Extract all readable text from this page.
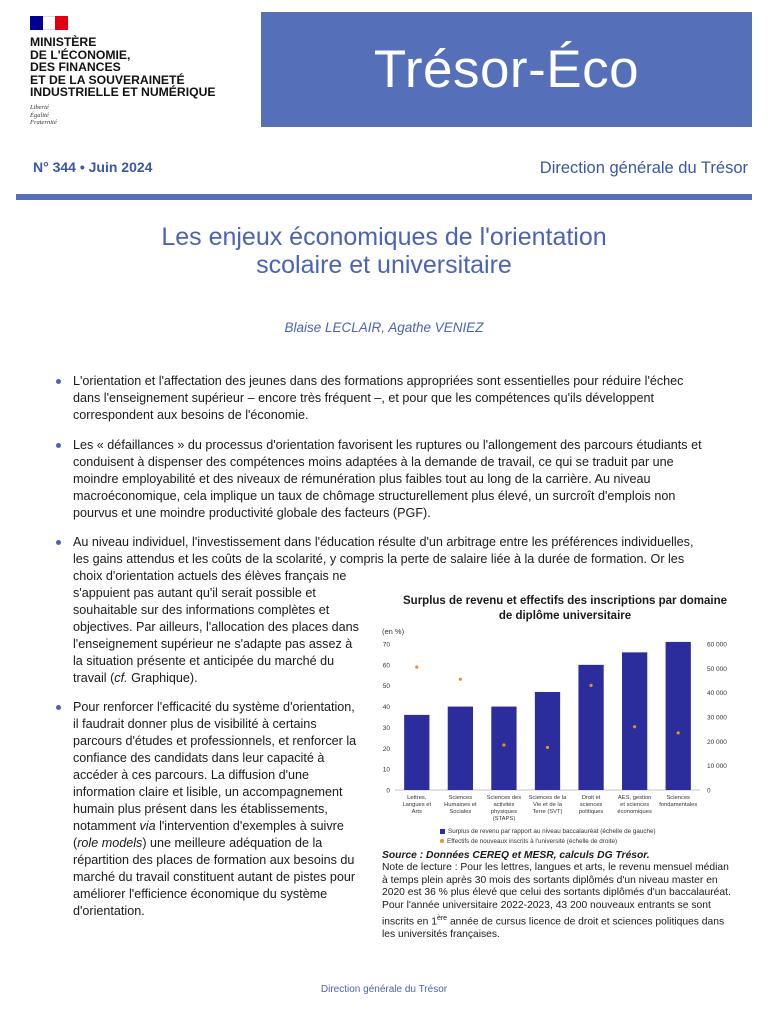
MINISTÈRE
DE L'ÉCONOMIE,
DES FINANCES
ET DE LA SOUVERAINETÉ
INDUSTRIELLE ET NUMÉRIQUE
Liberté
Égalité
Fraternité
Trésor-Éco
N° 344 • Juin 2024	Direction générale du Trésor
Les enjeux économiques de l'orientation
scolaire et universitaire
Blaise LECLAIR, Agathe VENIEZ
L'orientation et l'affectation des jeunes dans des formations appropriées sont essentielles pour réduire l'échec
dans l'enseignement supérieur – encore très fréquent –, et pour que les compétences qu'ils développent
correspondent aux besoins de l'économie.
Les « défaillances » du processus d'orientation favorisent les ruptures ou l'allongement des parcours étudiants et
conduisent à dispenser des compétences moins adaptées à la demande de travail, ce qui se traduit par une
moindre employabilité et des niveaux de rémunération plus faibles tout au long de la carrière. Au niveau
macroéconomique, cela implique un taux de chômage structurellement plus élevé, un surcroît d'emplois non
pourvus et une moindre productivité globale des facteurs (PGF).
Au niveau individuel, l'investissement dans l'éducation résulte d'un arbitrage entre les préférences individuelles,
les gains attendus et les coûts de la scolarité, y compris la perte de salaire liée à la durée de formation. Or les
choix d'orientation actuels des élèves français ne
s'appuient pas autant qu'il serait possible et
souhaitable sur des informations complètes et
objectives. Par ailleurs, l'allocation des places dans
l'enseignement supérieur ne s'adapte pas assez à
la situation présente et anticipée du marché du
travail (cf. Graphique).
Pour renforcer l'efficacité du système d'orientation,
il faudrait donner plus de visibilité à certains
parcours d'études et professionnels, et renforcer la
confiance des candidats dans leur capacité à
accéder à ces parcours. La diffusion d'une
information claire et lisible, un accompagnement
humain plus présent dans les établissements,
notamment via l'intervention d'exemples à suivre
(role models) une meilleure adéquation de la
répartition des places de formation aux besoins du
marché du travail constituent autant de pistes pour
améliorer l'efficience économique du système
d'orientation.
Surplus de revenu et effectifs des inscriptions par domaine
de diplôme universitaire
(en %)
0
10
20
30
40
50
60
70
0
10 000
20 000
30 000
40 000
50 000
60 000
Lettres,
Langues et
Arts
Sciences
Humaines et
Sociales
Sciences des
activités
physiques
(STAPS)
Sciences de la
Vie et de la
Terre (SVT)
Droit et
sciences
politiques
AES, gestion
et sciences
économiques
Sciences
fondamentales
Surplus de revenu par rapport au niveau baccalauréat (échelle de gauche)
Effectifs de nouveaux inscrits à l'université (échelle de droite)
Source : Données CEREQ et MESR, calculs DG Trésor.
Note de lecture : Pour les lettres, langues et arts, le revenu mensuel médian
à temps plein après 30 mois des sortants diplômés d'un niveau master en
2020 est 36 % plus élevé que celui des sortants diplômés d'un baccalauréat.
Pour l'année universitaire 2022-2023, 43 200 nouveaux entrants se sont
inscrits en 1ère année de cursus licence de droit et sciences politiques dans
les universités françaises.
Direction générale du Trésor
